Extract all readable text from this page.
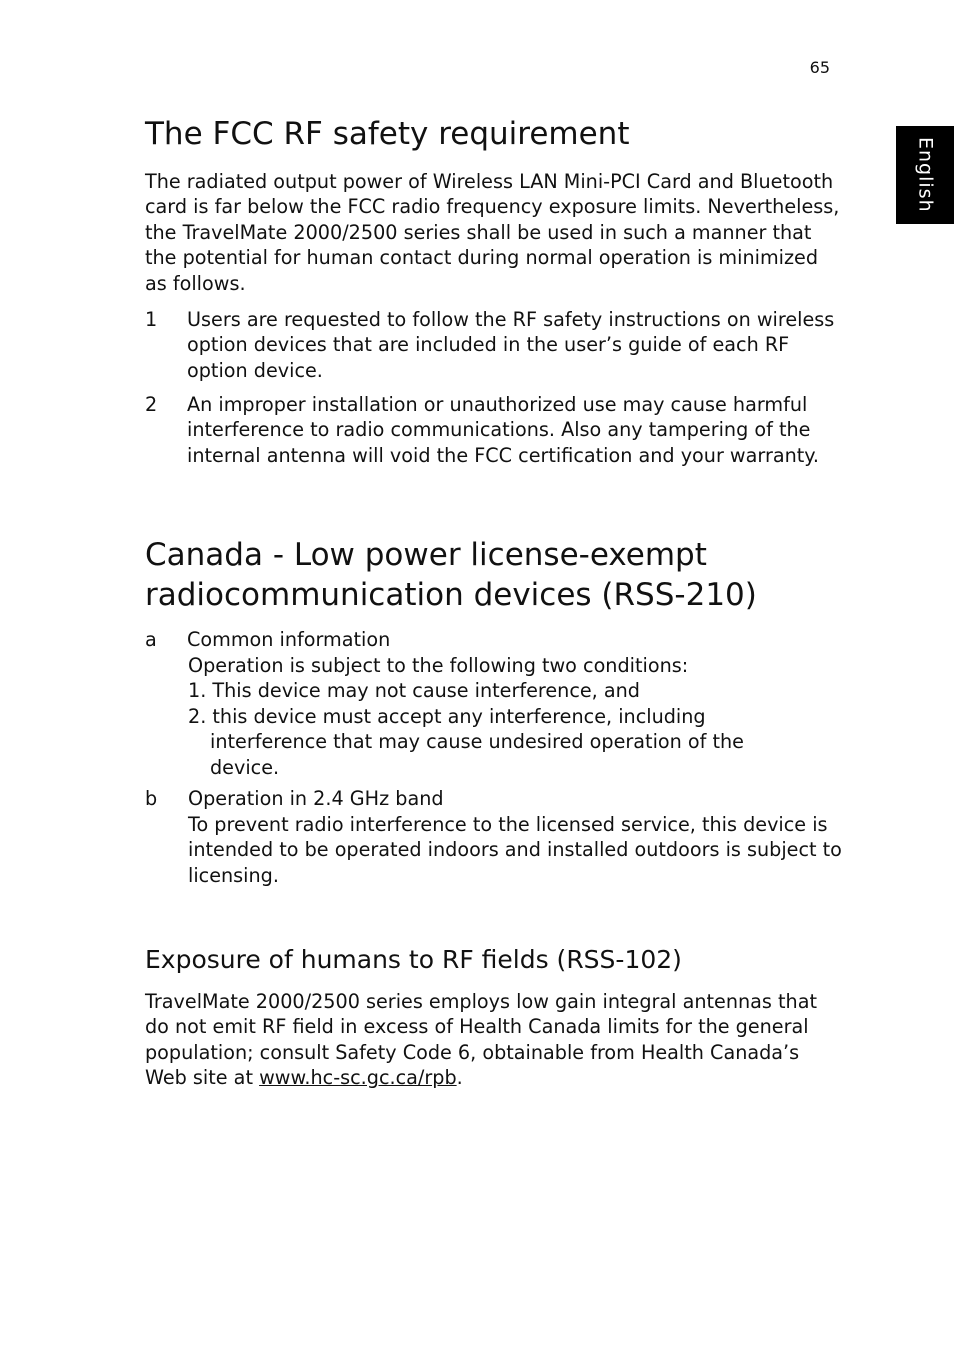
65
English
The FCC RF safety requirement

The radiated output power of Wireless LAN Mini-PCI Card and Bluetooth card is far below the FCC radio frequency exposure limits. Nevertheless, the TravelMate 2000/2500 series shall be used in such a manner that the potential for human contact during normal operation is minimized as follows.

1 Users are requested to follow the RF safety instructions on wireless option devices that are included in the user’s guide of each RF option device.
2 An improper installation or unauthorized use may cause harmful interference to radio communications. Also any tampering of the internal antenna will void the FCC certification and your warranty.
Canada - Low power license-exempt
radiocommunication devices (RSS-210)
a Common information
Operation is subject to the following two conditions:
1. This device may not cause interference, and
2. this device must accept any interference, including interference that may cause undesired operation of the device.
b Operation in 2.4 GHz band
To prevent radio interference to the licensed service, this device is intended to be operated indoors and installed outdoors is subject to licensing.
Exposure of humans to RF fields (RSS-102)

TravelMate 2000/2500 series employs low gain integral antennas that do not emit RF field in excess of Health Canada limits for the general population; consult Safety Code 6, obtainable from Health Canada’s Web site at www.hc-sc.gc.ca/rpb.
